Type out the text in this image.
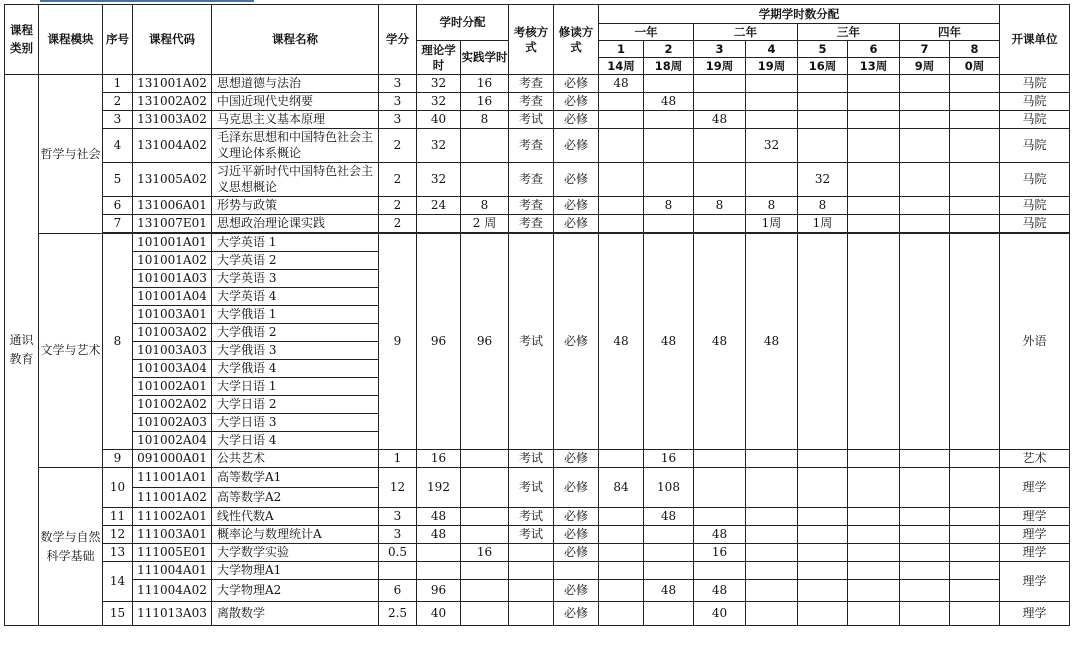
课程类别	课程模块	序号	课程代码	课程名称	学分	学时分配		考核方式	修读方式	学期学时数分配								开课单位
										一年		二年		三年		四年		
						理论学时	实践学时			1	2	3	4	5	6	7	8	
										14周	18周	19周	19周	16周	13周	9周	0周	
通识教育	哲学与社会	1	131001A02	思想道德与法治	3	32	16	考查	必修	48								马院
		2	131002A02	中国近现代史纲要	3	32	16	考查	必修		48							马院
		3	131003A02	马克思主义基本原理	3	40	8	考试	必修			48						马院
		4	131004A02	毛泽东思想和中国特色社会主义理论体系概论	2	32		考查	必修				32					马院
		5	131005A02	习近平新时代中国特色社会主义思想概论	2	32		考查	必修					32				马院
		6	131006A01	形势与政策	2	24	8	考查	必修		8	8	8	8				马院
		7	131007E01	思想政治理论课实践	2		2 周	考查	必修				1周	1周				马院

	文学与艺术	8	101001A01	大学英语 1	9	96	96	考试	必修	48	48	48	48					外语
			101001A02	大学英语 2														
			101001A03	大学英语 3														
			101001A04	大学英语 4														
			101003A01	大学俄语 1														
			101003A02	大学俄语 2														
			101003A03	大学俄语 3														
			101003A04	大学俄语 4														
			101002A01	大学日语 1														
			101002A02	大学日语 2														
			101002A03	大学日语 3														
			101002A04	大学日语 4														
		9	091000A01	公共艺术	1	16		考试	必修		16							艺术
	数学与自然科学基础	10	111001A01	高等数学A1	12	192		考试	必修	84	108							理学
			111001A02	高等数学A2														
		11	111002A01	线性代数A	3	48		考试	必修		48							理学
		12	111003A01	概率论与数理统计A	3	48		考试	必修			48						理学
		13	111005E01	大学数学实验	0.5		16		必修			16						理学
		14	111004A01	大学物理A1														理学
			111004A02	大学物理A2	6	96			必修		48	48						
		15	111013A03	离散数学	2.5	40			必修			40						理学
